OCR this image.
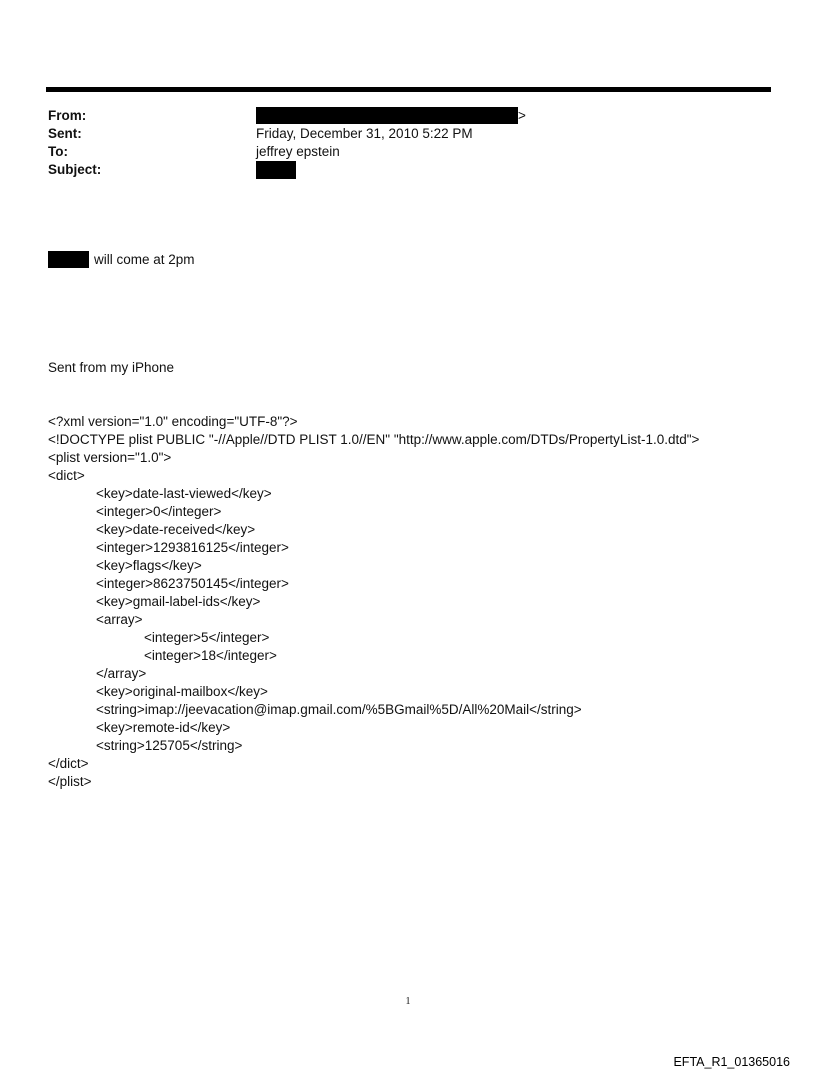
From:	>
Sent:	Friday, December 31, 2010 5:22 PM
To:	jeffrey epstein
Subject:

will come at 2pm

Sent from my iPhone

<?xml version="1.0" encoding="UTF-8"?>
<!DOCTYPE plist PUBLIC "-//Apple//DTD PLIST 1.0//EN" "http://www.apple.com/DTDs/PropertyList-1.0.dtd">
<plist version="1.0">
<dict>
<key>date-last-viewed</key>
<integer>0</integer>
<key>date-received</key>
<integer>1293816125</integer>
<key>flags</key>
<integer>8623750145</integer>
<key>gmail-label-ids</key>
<array>
<integer>5</integer>
<integer>18</integer>
</array>
<key>original-mailbox</key>
<string>imap://jeevacation@imap.gmail.com/%5BGmail%5D/All%20Mail</string>
<key>remote-id</key>
<string>125705</string>
</dict>
</plist>

1
EFTA_R1_01365016
